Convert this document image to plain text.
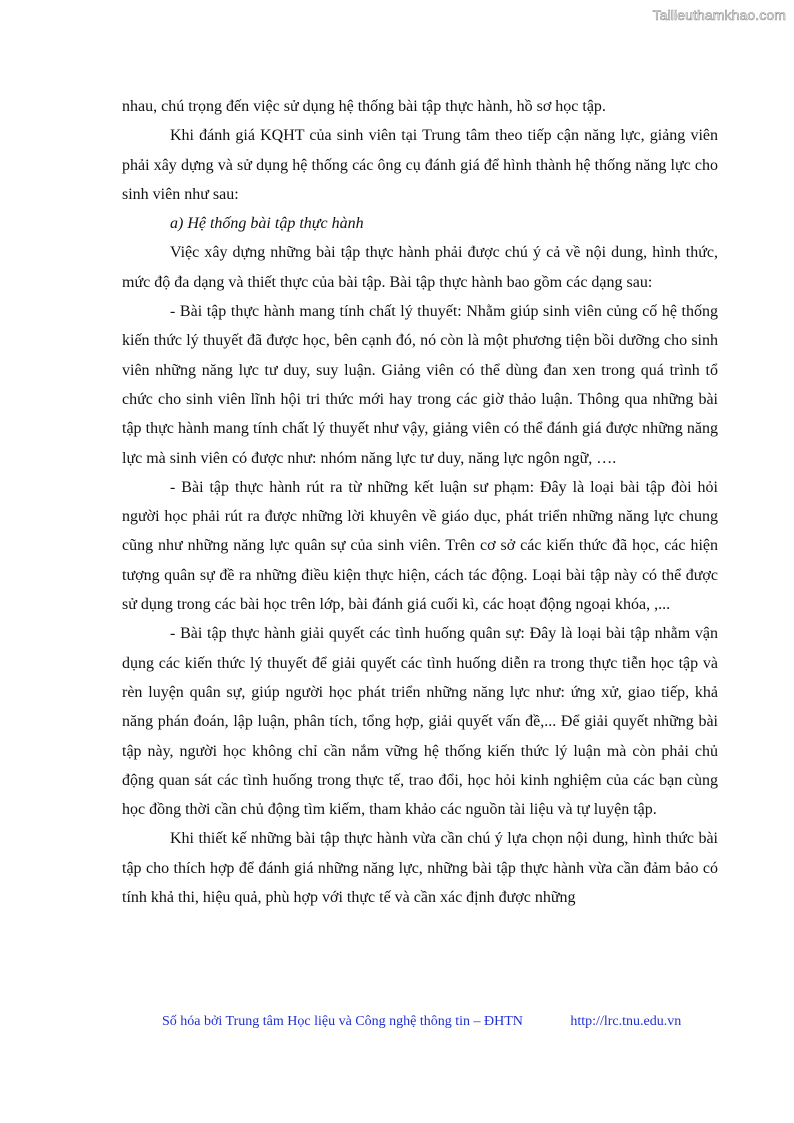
Tailieuthamkhao.com

nhau, chú trọng đến việc sử dụng hệ thống bài tập thực hành, hồ sơ học tập.

Khi đánh giá KQHT của sinh viên tại Trung tâm theo tiếp cận năng lực, giảng viên phải xây dựng và sử dụng hệ thống các ông cụ đánh giá để hình thành hệ thống năng lực cho sinh viên như sau:

a) Hệ thống bài tập thực hành

Việc xây dựng những bài tập thực hành phải được chú ý cả về nội dung, hình thức, mức độ đa dạng và thiết thực của bài tập. Bài tập thực hành bao gồm các dạng sau:

- Bài tập thực hành mang tính chất lý thuyết: Nhằm giúp sinh viên củng cố hệ thống kiến thức lý thuyết đã được học, bên cạnh đó, nó còn là một phương tiện bồi dưỡng cho sinh viên những năng lực tư duy, suy luận. Giảng viên có thể dùng đan xen trong quá trình tổ chức cho sinh viên lĩnh hội tri thức mới hay trong các giờ thảo luận. Thông qua những bài tập thực hành mang tính chất lý thuyết như vậy, giảng viên có thể đánh giá được những năng lực mà sinh viên có được như: nhóm năng lực tư duy, năng lực ngôn ngữ, ….

- Bài tập thực hành rút ra từ những kết luận sư phạm: Đây là loại bài tập đòi hỏi người học phải rút ra được những lời khuyên về giáo dục, phát triển những năng lực chung cũng như những năng lực quân sự của sinh viên. Trên cơ sở các kiến thức đã học, các hiện tượng quân sự đề ra những điều kiện thực hiện, cách tác động. Loại bài tập này có thể được sử dụng trong các bài học trên lớp, bài đánh giá cuối kì, các hoạt động ngoại khóa, ,...

- Bài tập thực hành giải quyết các tình huống quân sự: Đây là loại bài tập nhằm vận dụng các kiến thức lý thuyết để giải quyết các tình huống diễn ra trong thực tiễn học tập và rèn luyện quân sự, giúp người học phát triển những năng lực như: ứng xử, giao tiếp, khả năng phán đoán, lập luận, phân tích, tổng hợp, giải quyết vấn đề,... Để giải quyết những bài tập này, người học không chỉ cần nắm vững hệ thống kiến thức lý luận mà còn phải chủ động quan sát các tình huống trong thực tế, trao đổi, học hỏi kinh nghiệm của các bạn cùng học đồng thời cần chủ động tìm kiếm, tham khảo các nguồn tài liệu và tự luyện tập.

Khi thiết kế những bài tập thực hành vừa cần chú ý lựa chọn nội dung, hình thức bài tập cho thích hợp để đánh giá những năng lực, những bài tập thực hành vừa cần đảm bảo có tính khả thi, hiệu quả, phù hợp với thực tế và cần xác định được những

Số hóa bởi Trung tâm Học liệu và Công nghệ thông tin – ĐHTN	http://lrc.tnu.edu.vn
